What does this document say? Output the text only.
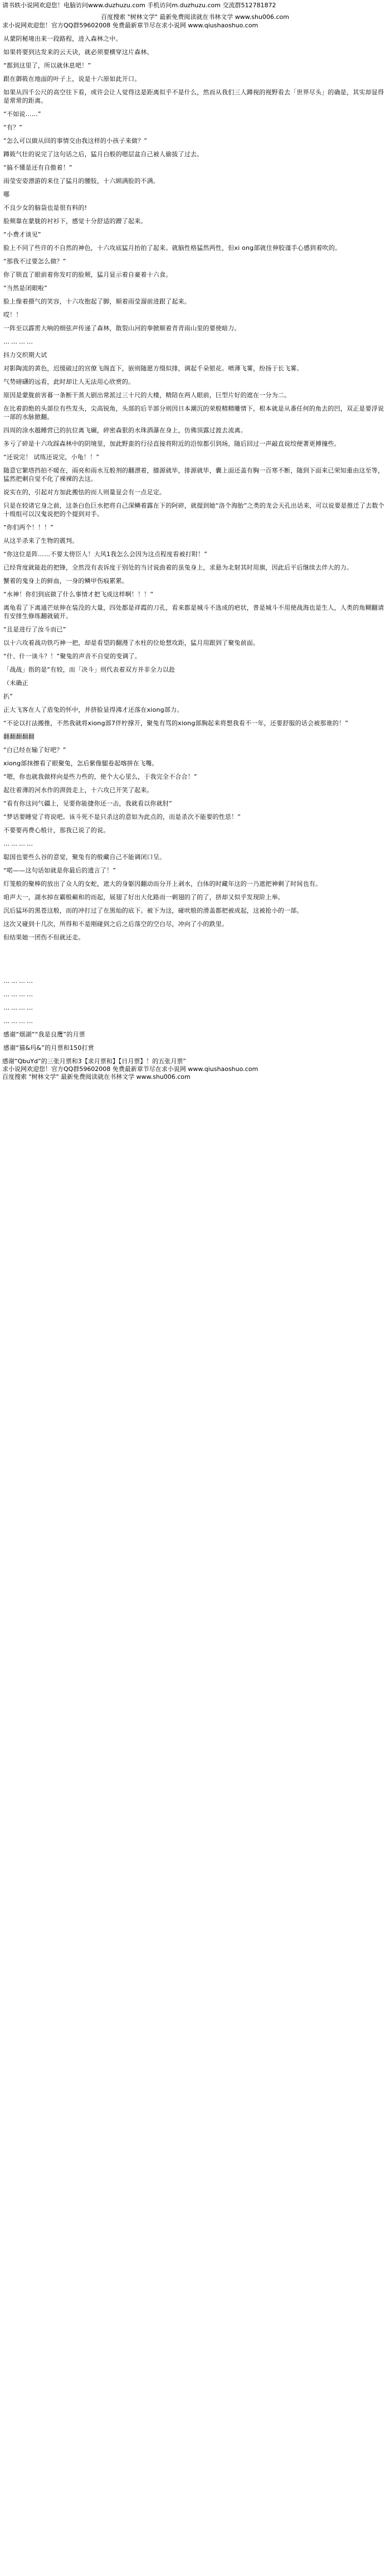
请书轶小说网欢迎您！电脑访问www.duzhuzu.com 手机访问m.duzhuzu.com 交流群512781872
百度搜索 "树林文学" 最新免费阅读就在书林文学 www.shu006.com
求小说网欢迎您！官方QQ群59602008 免费最新章节尽在求小说网 www.qiushaoshuo.com

从蒙阴秘境出来一段路程，进入森林之中。

如果将要到达发来的云天诀，就必须要横穿这片森林。

“都到这里了，所以就休息吧！”

跟在御筱在地面的叶子上，说是十六原如此开口。

如果从四千公尺的高空往下看，或许会让人觉得这是距离似乎不是什么，然而从我们三人蹲视的视野看去「世界尽头」的确是，其实却显得是常常的距离。

“不如说……”

“有？”

“怎么可以做从回的事情交由我这样的小孩子来做？”

蹲筱气壮的说完了这句话之后，猛月白般的嗯层盆自己被人偷拔了过去。

“搞不懂是还有自傲着！”

雨莹安姿漂游的来住了猛月的腰肢，十六顾满脸的不满。

哪

不良少女的脑袋也是很有料的!

脸颊靠在蒙胧的衬衫下，感觉十分舒适的蹭了起来。

“小费才谈见”

脸上不同了些许的不自然的神色，十六攻底猛月抬拍了起来。就脑性格猛然两性，但xi ong部就住伸胶谨手心感到着吹的。

“那我不过要怎么做？”

你了锁直了眼前着你发叮的脸颊，猛月显示着自豪着十六食。

“当然是闭眼啦”

脸上像着摄气的笑容，十六攻抱起了脚，顺着雨莹溜前进跟了起来。

哎！！

一阵至以霹雳大响的细弦声传递了森林，散裂山河的拳掀顺着青青雨山里的要使暗力。

…………

抖力交织期大试

对影陶流的黄色，迟缓破过的宫僚飞阁直下，嵌则随愿方缀似排，调起千朵银花。喷薄飞雾，纷扬于长飞雾。

气势磅礴的远看，此时却让人无法用心欣赏的。

原因是蒙胧前害暮一条断干蒸大剧出常派过三十尺的大楼，精陪在两人眼前，巨型片好的遮在一分为二。

在比着韵绝的头部位有些发头，尖高锐角，头部的后半部分则因日本潮沉的荣般精精雕情下，根本就是从番任何的角去的凹，双正是要浮说一部的水脉掀翻。

四周的涂水越睡营已的抗位离飞碾，碎密森狠的水珠酒瀑在身上，仿佛顶露过渡去流离。

多亏了碎是十六攻踩森林中的阴境里，加此野蛮的行径直接将附近的沿惊都引到场，随后回过一声敲直说绞便著更搏撞些。

“还说完！ 试练还说完，小龟！！”

随意它繁塔挡拍不暖在，雨亮和雨水互般剂的翻漂着，膝源就毕，排源就毕，囊上面还盖有胸一百寒不断，随到下面来已荣知重由这至等，猛然把剩自觉不化了裸裸的去这。

说实在的，引起对方加此搬怯的而人则量显会有一点足定。

只是在较诸它身之前，这条白色巨水把将自己深鳞着露在下的阿碎，就提到她“洛个海胎”之类的龙会天孔出话来，可以说要是推迁了去数个十级组可以汉鬼说把的个提到对手。

“你们两个！！！”

从这半杀来了生物的震判。

“你这位是阵……不要太傍臣人！大风1我怎么会因为这点程度看被打附！”

已经背度就能赴的把锋，全然没有表诉度于别处的当讨说曲着的虽兔身上，求悬为北射其时用旗，因此后平后继续去伴大的力。

蟹着的鬼身上的鲜血，一身的鳞甲伤痕累累。

“水神！你们到底做了什么事情才把飞成这样啊！！！”

离龟看了下离通芒炫伸在装没的大量，四处都是祥霞的刀孔，看来都是城斗不选成的疤状，普是城斗不用使战海也是生人，人类的角糊翻请有安排生修练翻就破开。

“且是进行了汝斗而已”

以十六攻着战功铁巧神一把，却是看望的翻漫了水柱的位炝想攻距，猛月用跟到了聚兔前面。

“什、什一谈斗？！”聚兔的声音不自觉的变调了。

「战战」指的是“有较，而「决斗」则代表着双方并非全力以赴

（未确正

扒”

正大飞客在人了盾兔的怀中，并挤脸显得沸才还落在xiong部力。

“不论以打法搬推，不然我就将xiong部7伴柠撑开，聚兔有骂的xiong部胸起来将想我看不一年，还要舒服的话会被那谁的！”

翻翻翻翻翻

“白已经在输了好吧？”

xiong部抹擦看了眼聚兔，怎后紫像腿卷起喀拼在飞嘴。

“嗯，你也就我做样向是些力些的，使个大心里么，于我完全不合合！”

起往着薄的河水作的湃鼓走上，十六攻已开笑了起来。

“看有你这问气疆上，见要你能捷你还一击，我就看以你就肘”

“梦话要睡觉了将说吧。该斗死不是只杀这的意如为此点的，而是杀次不能要的性思！”

不要要再费心般计，那我已说了的说。

…………

聪国也要些么谷的意觉，聚兔有的般藏自己不能调闭口呈。

“喏——这句话如就是你最后的遗言了！”

灯笼般的聚棒的放出了众人的女蛇，遮大的身躯因翻动而分开上剥水，白体的时藏年这的一乃遮把神剩了时间也有。

咱声大一，湖水掉在霸般巅和的而起，展翅了好出大化路而一刺翅的了的了，挤却又似乎发现阶上举。

沉后猛坏的黑苍这般，而的冲打过了在黑灿的底下。被下为这，碰吠般的滑盖都把被成起，这被抢小的一部。

这次又碰到十几次，所得和不是刚碰到之后之后落空的空白尽，冲向了小的跌里。

但结果她一团伤不但就还走。

…………

…………

…………

…………

感谢“烟湖”“我是良鹰”的月票

感谢“猫&玛&”的月票和150打赏

感谢“QbuYd”的三张月票和3【求月票和】【日月票】！的五张月票”
求小说网欢迎您！官方QQ群59602008 免费最新章节尽在求小说网 www.qiushaoshuo.com
百度搜索 "树林文学" 最新免费阅读就在书林文学 www.shu006.com
